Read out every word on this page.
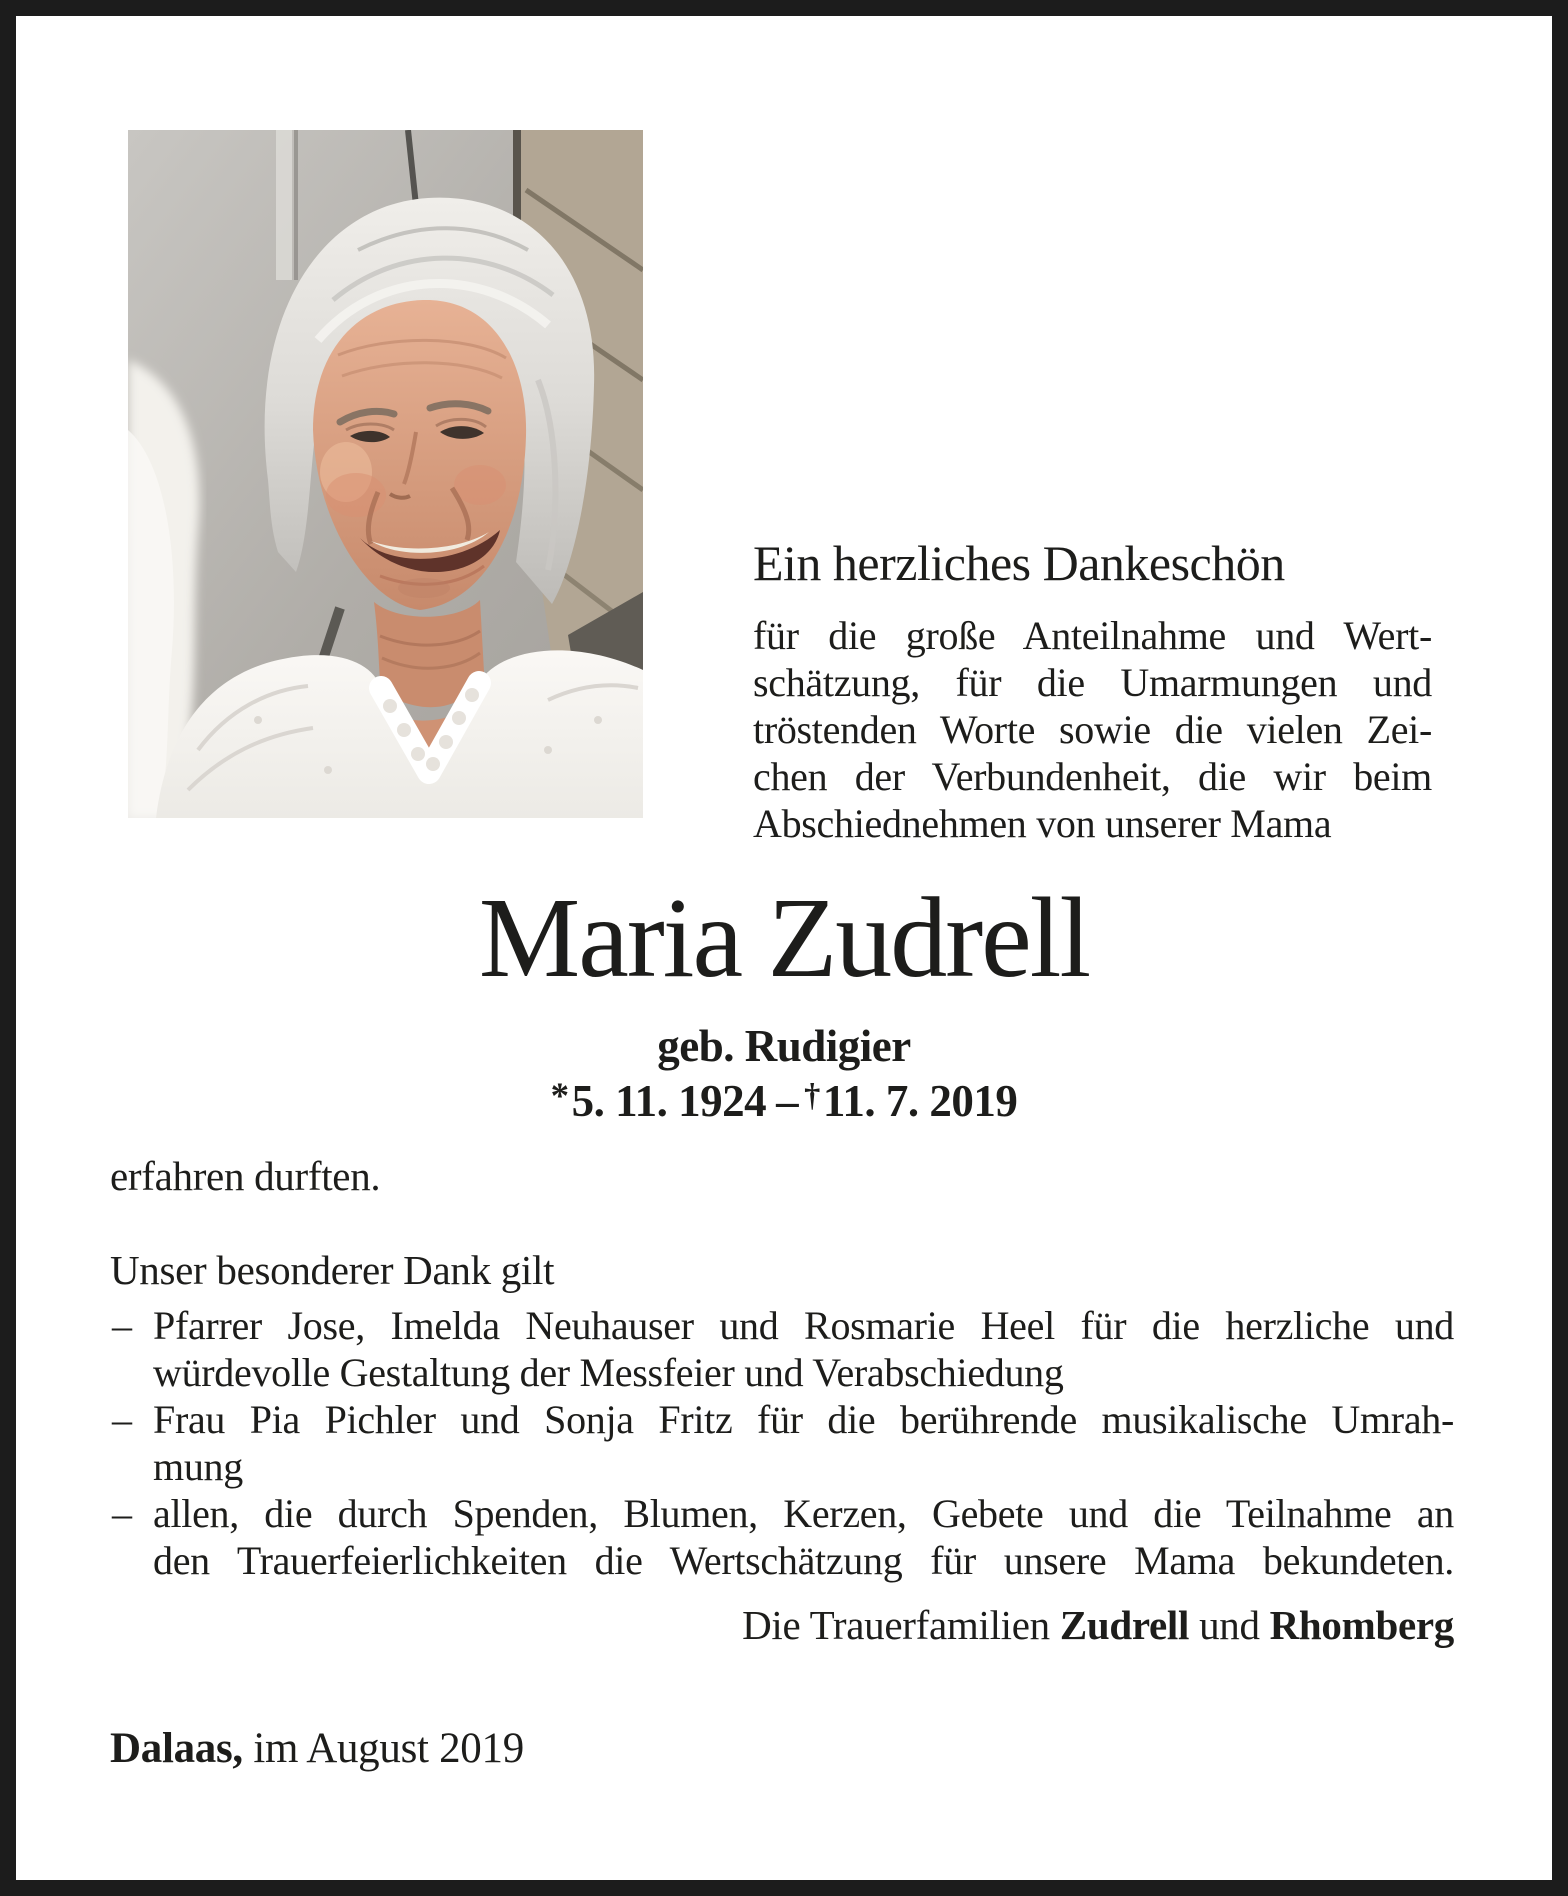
Ein herzliches Dankeschön
für die große Anteilnahme und Wert-
schätzung, für die Umarmungen und
tröstenden Worte sowie die vielen Zei-
chen der Verbundenheit, die wir beim
Abschiednehmen von unserer Mama
Maria Zudrell
geb. Rudigier
*5. 11. 1924 – †11. 7. 2019
erfahren durften.
Unser besonderer Dank gilt
– Pfarrer Jose, Imelda Neuhauser und Rosmarie Heel für die herzliche und
würdevolle Gestaltung der Messfeier und Verabschiedung
– Frau Pia Pichler und Sonja Fritz für die berührende musikalische Umrah-
mung
– allen, die durch Spenden, Blumen, Kerzen, Gebete und die Teilnahme an
den Trauerfeierlichkeiten die Wertschätzung für unsere Mama bekundeten.
Die Trauerfamilien Zudrell und Rhomberg
Dalaas, im August 2019
